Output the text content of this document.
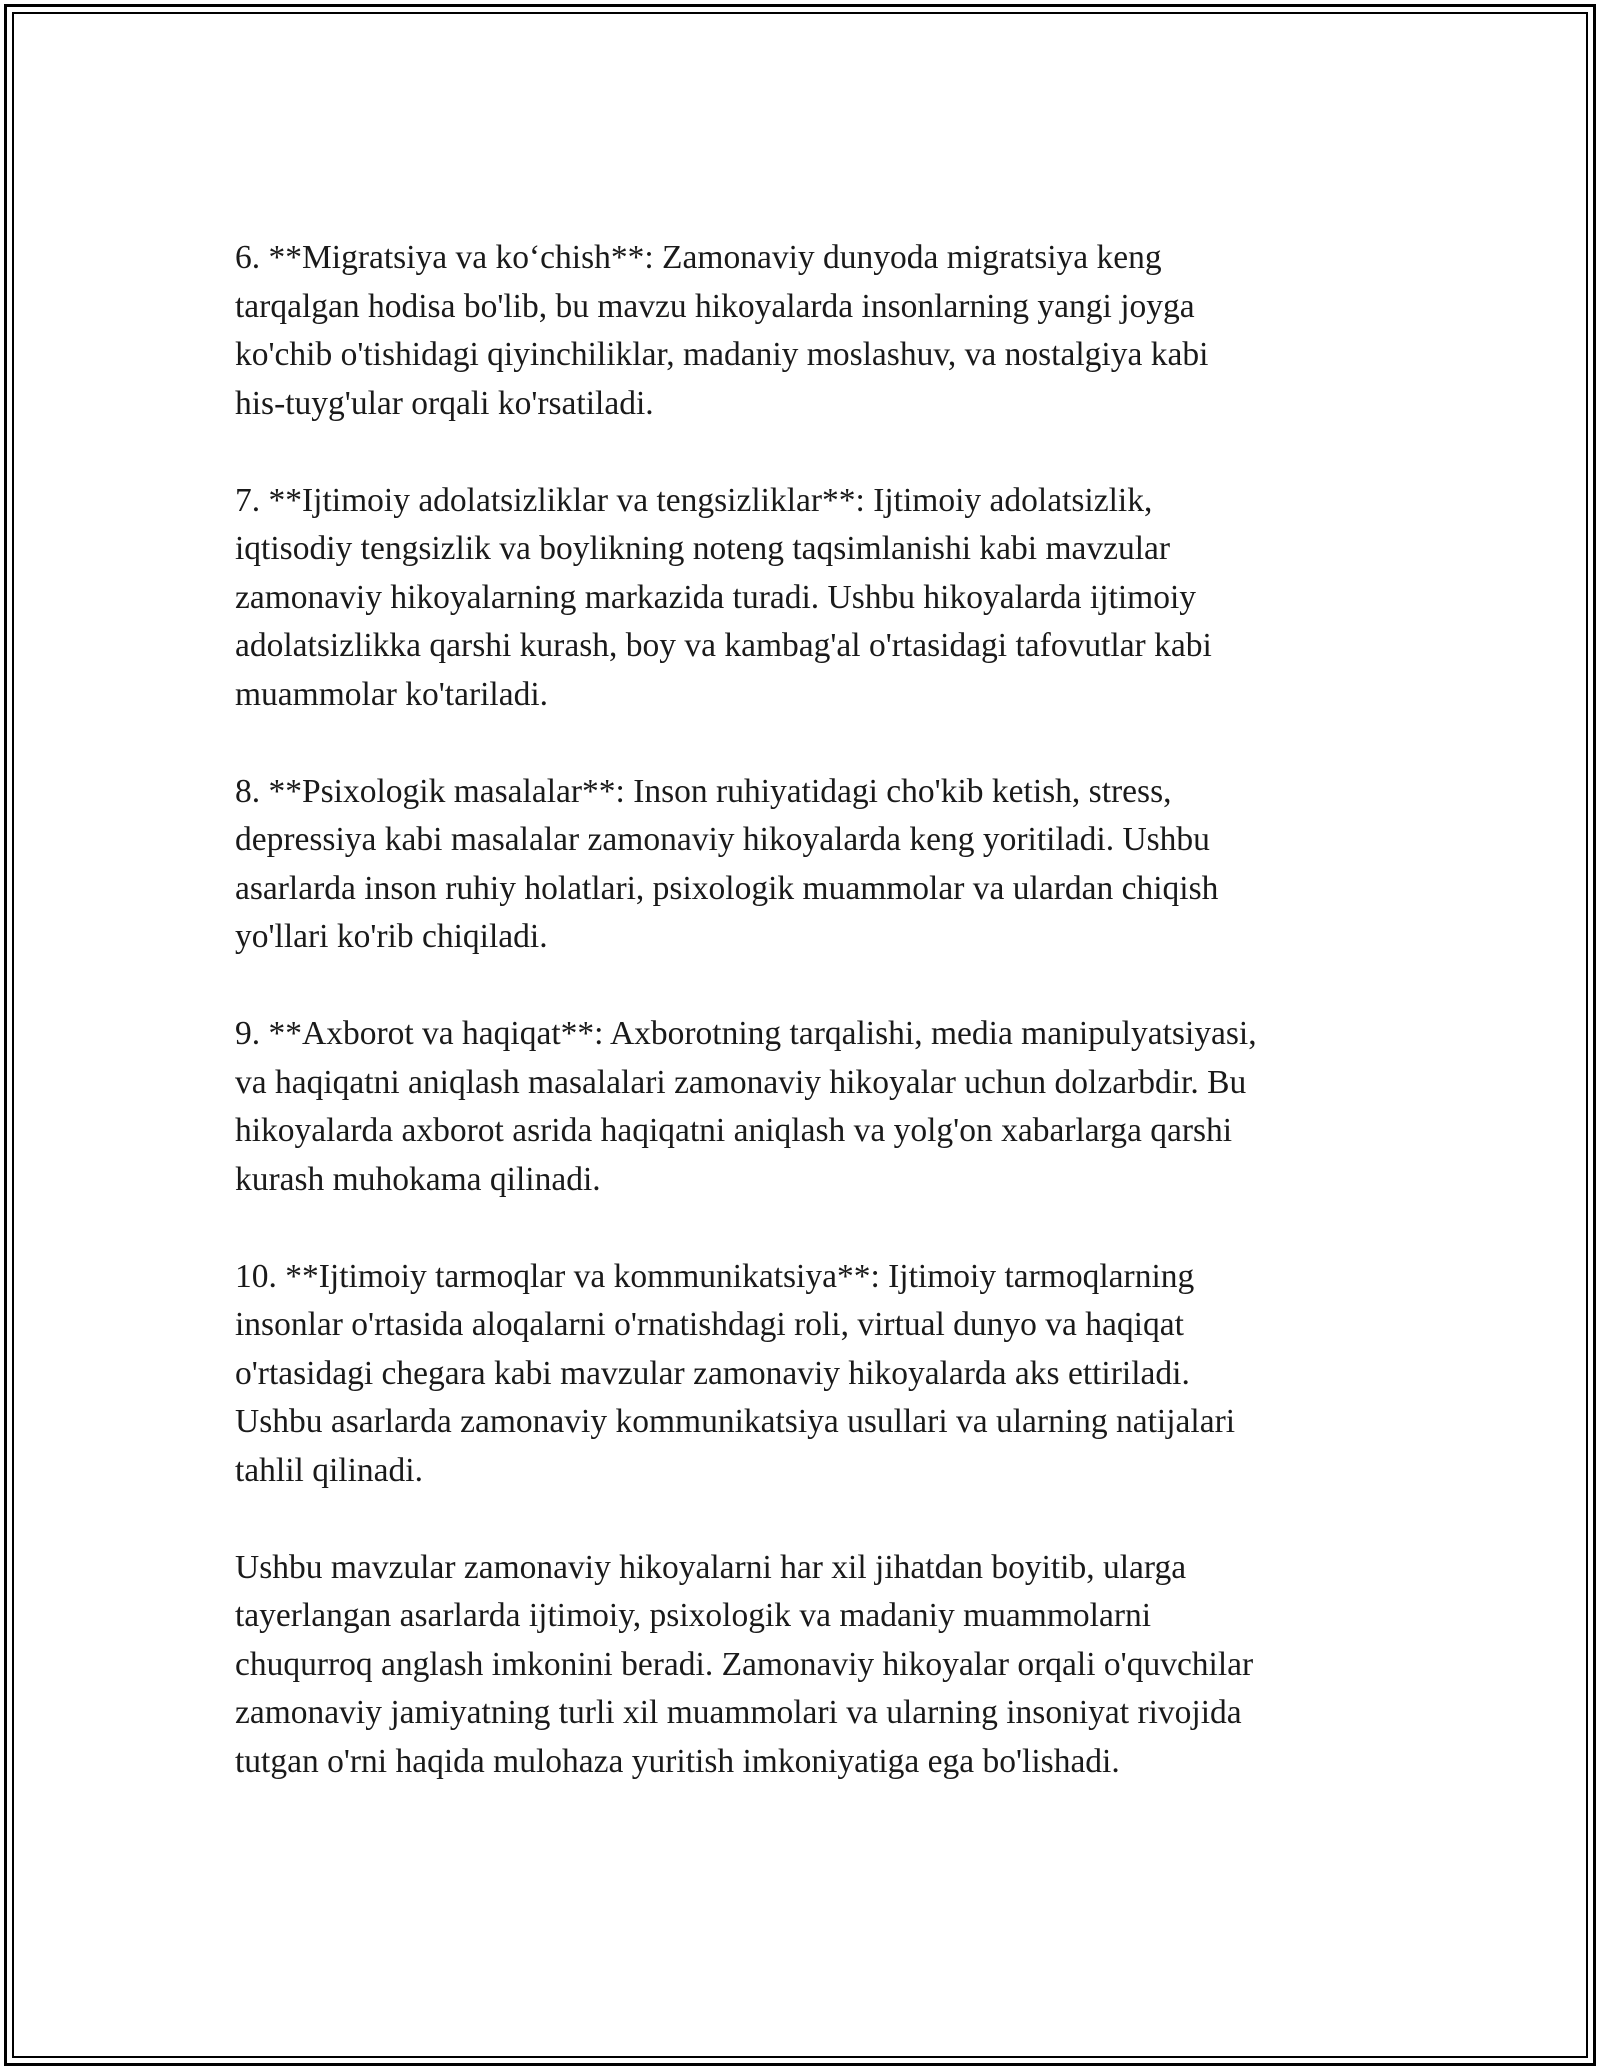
6. **Migratsiya va ko‘chish**: Zamonaviy dunyoda migratsiya keng
tarqalgan hodisa bo'lib, bu mavzu hikoyalarda insonlarning yangi joyga
ko'chib o'tishidagi qiyinchiliklar, madaniy moslashuv, va nostalgiya kabi
his-tuyg'ular orqali ko'rsatiladi.

7. **Ijtimoiy adolatsizliklar va tengsizliklar**: Ijtimoiy adolatsizlik,
iqtisodiy tengsizlik va boylikning noteng taqsimlanishi kabi mavzular
zamonaviy hikoyalarning markazida turadi. Ushbu hikoyalarda ijtimoiy
adolatsizlikka qarshi kurash, boy va kambag'al o'rtasidagi tafovutlar kabi
muammolar ko'tariladi.

8. **Psixologik masalalar**: Inson ruhiyatidagi cho'kib ketish, stress,
depressiya kabi masalalar zamonaviy hikoyalarda keng yoritiladi. Ushbu
asarlarda inson ruhiy holatlari, psixologik muammolar va ulardan chiqish
yo'llari ko'rib chiqiladi.

9. **Axborot va haqiqat**: Axborotning tarqalishi, media manipulyatsiyasi,
va haqiqatni aniqlash masalalari zamonaviy hikoyalar uchun dolzarbdir. Bu
hikoyalarda axborot asrida haqiqatni aniqlash va yolg'on xabarlarga qarshi
kurash muhokama qilinadi.

10. **Ijtimoiy tarmoqlar va kommunikatsiya**: Ijtimoiy tarmoqlarning
insonlar o'rtasida aloqalarni o'rnatishdagi roli, virtual dunyo va haqiqat
o'rtasidagi chegara kabi mavzular zamonaviy hikoyalarda aks ettiriladi.
Ushbu asarlarda zamonaviy kommunikatsiya usullari va ularning natijalari
tahlil qilinadi.

Ushbu mavzular zamonaviy hikoyalarni har xil jihatdan boyitib, ularga
tayerlangan asarlarda ijtimoiy, psixologik va madaniy muammolarni
chuqurroq anglash imkonini beradi. Zamonaviy hikoyalar orqali o'quvchilar
zamonaviy jamiyatning turli xil muammolari va ularning insoniyat rivojida
tutgan o'rni haqida mulohaza yuritish imkoniyatiga ega bo'lishadi.
